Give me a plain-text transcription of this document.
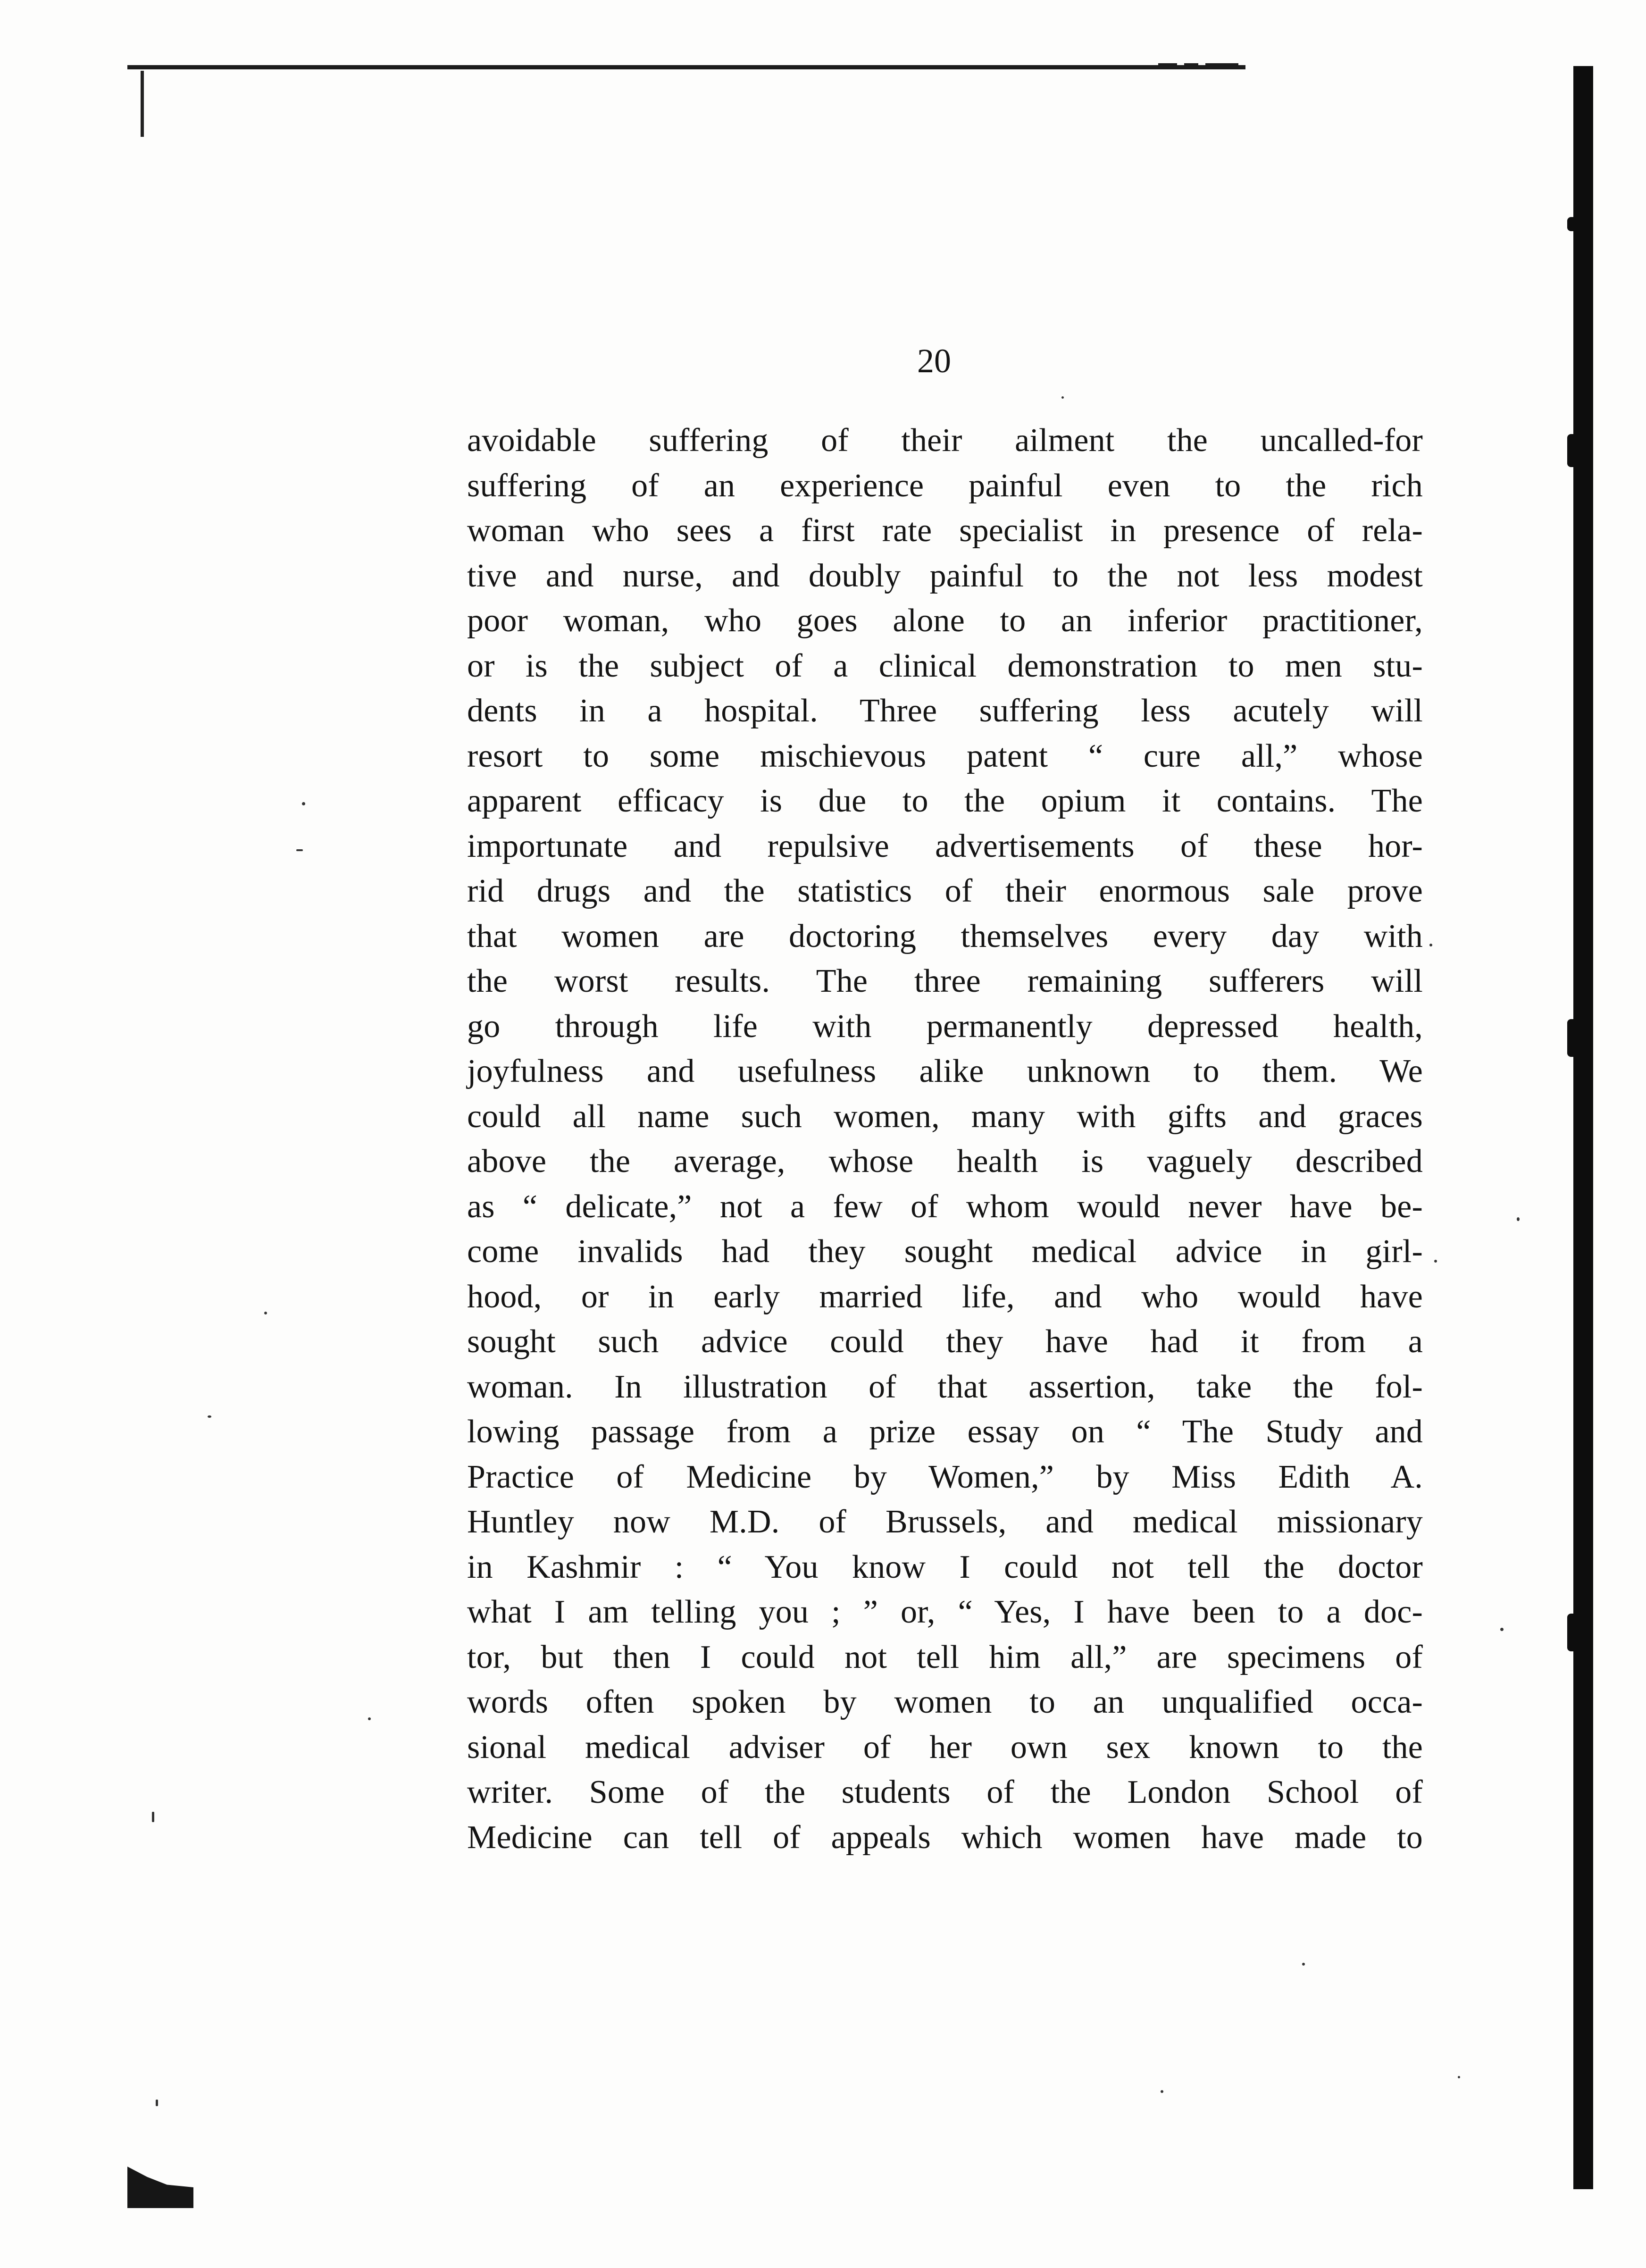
20
avoidable suffering of their ailment the uncalled-for
suffering of an experience painful even to the rich
woman who sees a first rate specialist in presence of rela-
tive and nurse, and doubly painful to the not less modest
poor woman, who goes alone to an inferior practitioner,
or is the subject of a clinical demonstration to men stu-
dents in a hospital. Three suffering less acutely will
resort to some mischievous patent “ cure all,” whose
apparent efficacy is due to the opium it contains. The
importunate and repulsive advertisements of these hor-
rid drugs and the statistics of their enormous sale prove
that women are doctoring themselves every day with
the worst results. The three remaining sufferers will
go through life with permanently depressed health,
joyfulness and usefulness alike unknown to them. We
could all name such women, many with gifts and graces
above the average, whose health is vaguely described
as “ delicate,” not a few of whom would never have be-
come invalids had they sought medical advice in girl-
hood, or in early married life, and who would have
sought such advice could they have had it from a
woman. In illustration of that assertion, take the fol-
lowing passage from a prize essay on “ The Study and
Practice of Medicine by Women,” by Miss Edith A.
Huntley now M.D. of Brussels, and medical missionary
in Kashmir : “ You know I could not tell the doctor
what I am telling you ; ” or, “ Yes, I have been to a doc-
tor, but then I could not tell him all,” are specimens of
words often spoken by women to an unqualified occa-
sional medical adviser of her own sex known to the
writer. Some of the students of the London School of
Medicine can tell of appeals which women have made to
